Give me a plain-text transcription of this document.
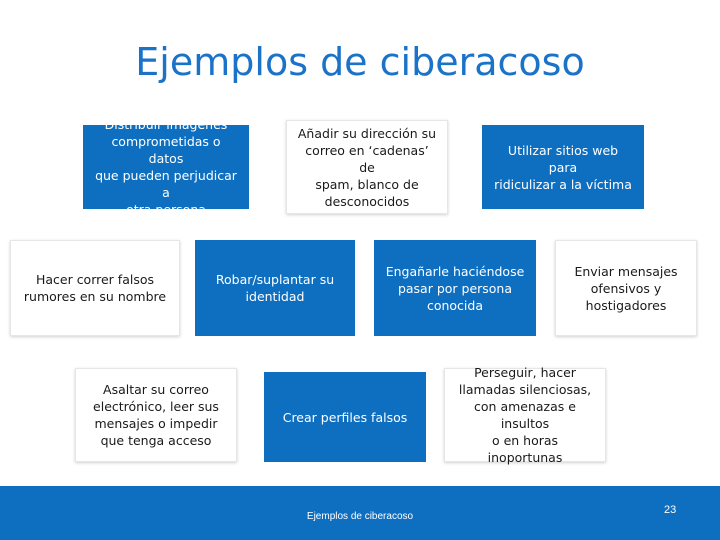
Ejemplos de ciberacoso
Distribuir imágenes
comprometidas o datos
que pueden perjudicar a
otra persona
Añadir su dirección su
correo en ‘cadenas’ de
spam, blanco de
desconocidos
Utilizar sitios web para
ridiculizar a la víctima
Hacer correr falsos
rumores en su nombre
Robar/suplantar su
identidad
Engañarle haciéndose
pasar por persona
conocida
Enviar mensajes
ofensivos y
hostigadores
Asaltar su correo
electrónico, leer sus
mensajes o impedir
que tenga acceso
Crear perfiles falsos
Perseguir, hacer
llamadas silenciosas,
con amenazas e insultos
o en horas inoportunas
Ejemplos de ciberacoso
23
